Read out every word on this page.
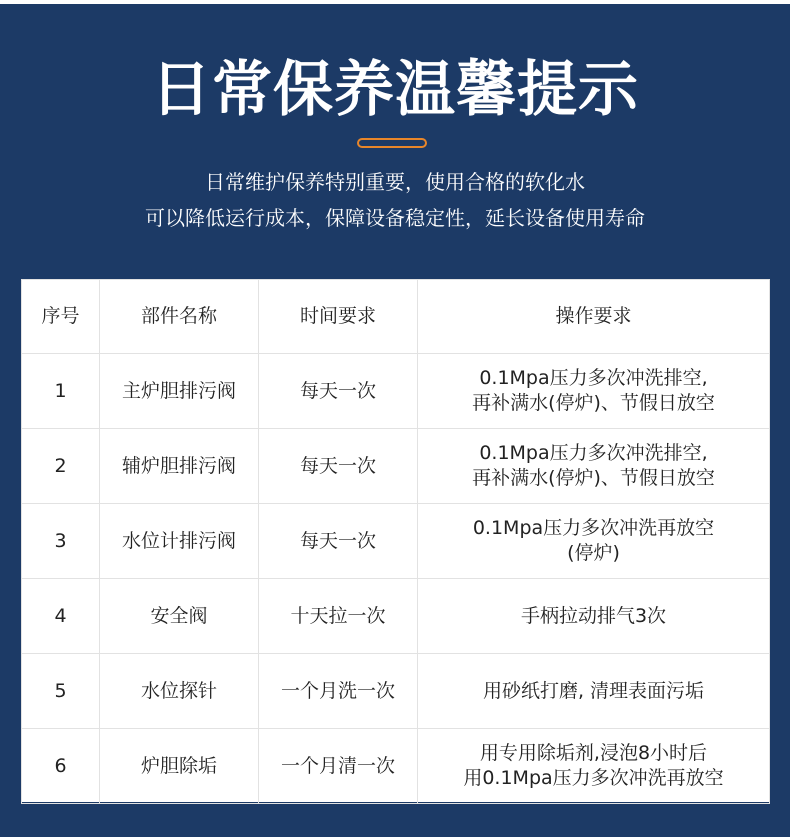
日常保养温馨提示
日常维护保养特别重要，使用合格的软化水
可以降低运行成本，保障设备稳定性，延长设备使用寿命
序号	部件名称	时间要求	操作要求
1	主炉胆排污阀	每天一次	0.1Mpa压力多次冲洗排空,
再补满水(停炉)、节假日放空

2	辅炉胆排污阀	每天一次	0.1Mpa压力多次冲洗排空,
再补满水(停炉)、节假日放空

3	水位计排污阀	每天一次	0.1Mpa压力多次冲洗再放空
(停炉)

4	安全阀	十天拉一次	手柄拉动排气3次

5	水位探针	一个月洗一次	用砂纸打磨, 清理表面污垢

6	炉胆除垢	一个月清一次	用专用除垢剂,浸泡8小时后
用0.1Mpa压力多次冲洗再放空
